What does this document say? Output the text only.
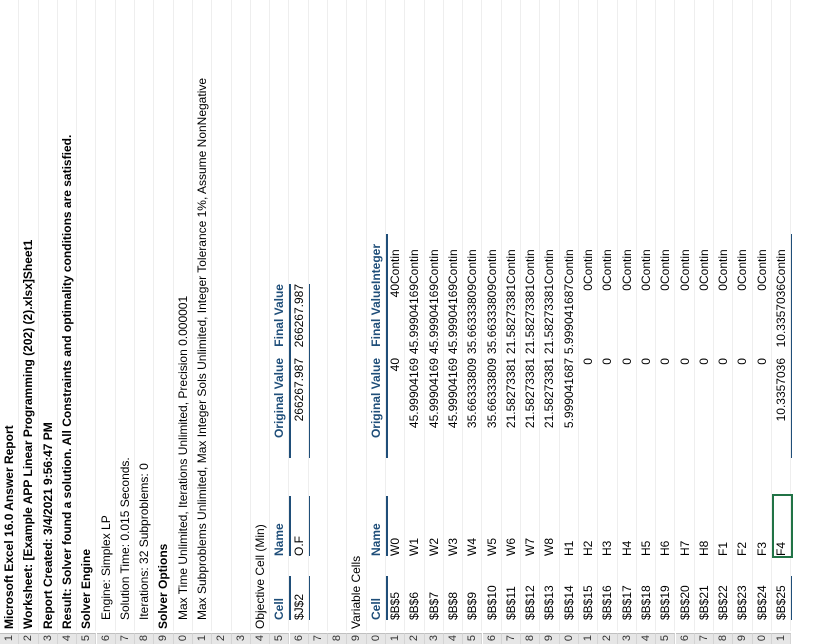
1
Microsoft Excel 16.0 Answer Report
2
Worksheet: [Example APP Linear Programming (202) (2).xlsx]Sheet1
3
Report Created: 3/4/2021 9:56:47 PM
4
Result: Solver found a solution. All Constraints and optimality conditions are satisfied.
5
Solver Engine
6
Engine: Simplex LP
7
Solution Time: 0.015 Seconds.
8
Iterations: 32 Subproblems: 0
9
Solver Options
0
Max Time Unlimited, Iterations Unlimited, Precision 0.000001
1
Max Subproblems Unlimited, Max Integer Sols Unlimited, Integer Tolerance 1%, Assume NonNegative
2 3 4
Objective Cell (Min)
5
Cell
Name
Original Value
Final Value
6
$J$2
O.F
266267.987
266267.987
7 8 9
Variable Cells
0
Cell
Name
Original Value
Final Value
Integer
1
$B$5
W0
40
40
Contin
2
$B$6
W1
45.99904169
45.99904169
Contin
3
$B$7
W2
45.99904169
45.99904169
Contin
4
$B$8
W3
45.99904169
45.99904169
Contin
5
$B$9
W4
35.66333809
35.66333809
Contin
6
$B$10
W5
35.66333809
35.66333809
Contin
7
$B$11
W6
21.58273381
21.58273381
Contin
8
$B$12
W7
21.58273381
21.58273381
Contin
9
$B$13
W8
21.58273381
21.58273381
Contin
0
$B$14
H1
5.999041687
5.999041687
Contin
1
$B$15
H2
0
0
Contin
2
$B$16
H3
0
0
Contin
3
$B$17
H4
0
0
Contin
4
$B$18
H5
0
0
Contin
5
$B$19
H6
0
0
Contin
6
$B$20
H7
0
0
Contin
7
$B$21
H8
0
0
Contin
8
$B$22
F1
0
0
Contin
9
$B$23
F2
0
0
Contin
0
$B$24
F3
0
0
Contin
1
$B$25
F4
10.3357036
10.3357036
Contin
